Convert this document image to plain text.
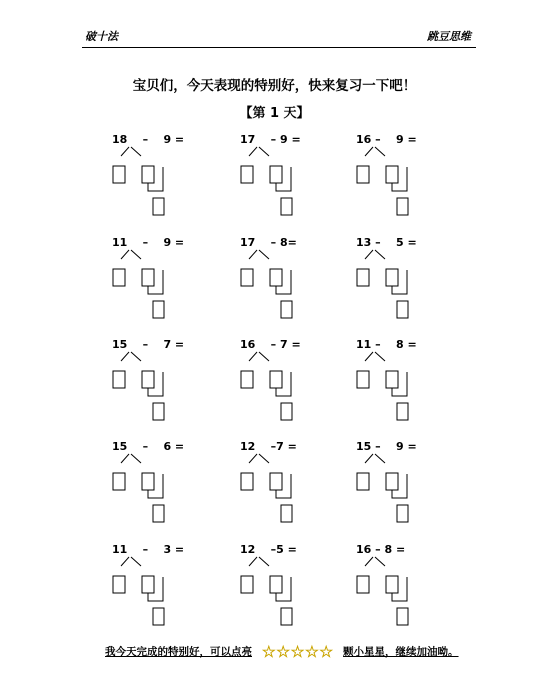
破十法	跳豆思维
宝贝们，今天表现的特别好，快来复习一下吧！
【第 1 天】
18    –    9 =	17    – 9 =	16 –    9 =
11    –    9 =	17    – 8=	13 –    5 =
15    –    7 =	16    – 7 =	11 –    8 =
15    –    6 =	12    –7 =	15 –    9 =
11    –    3 =	12    –5 =	16 – 8 =
我今天完成的特别好，可以点亮 ☆☆☆☆☆ 颗小星星，继续加油呦。
